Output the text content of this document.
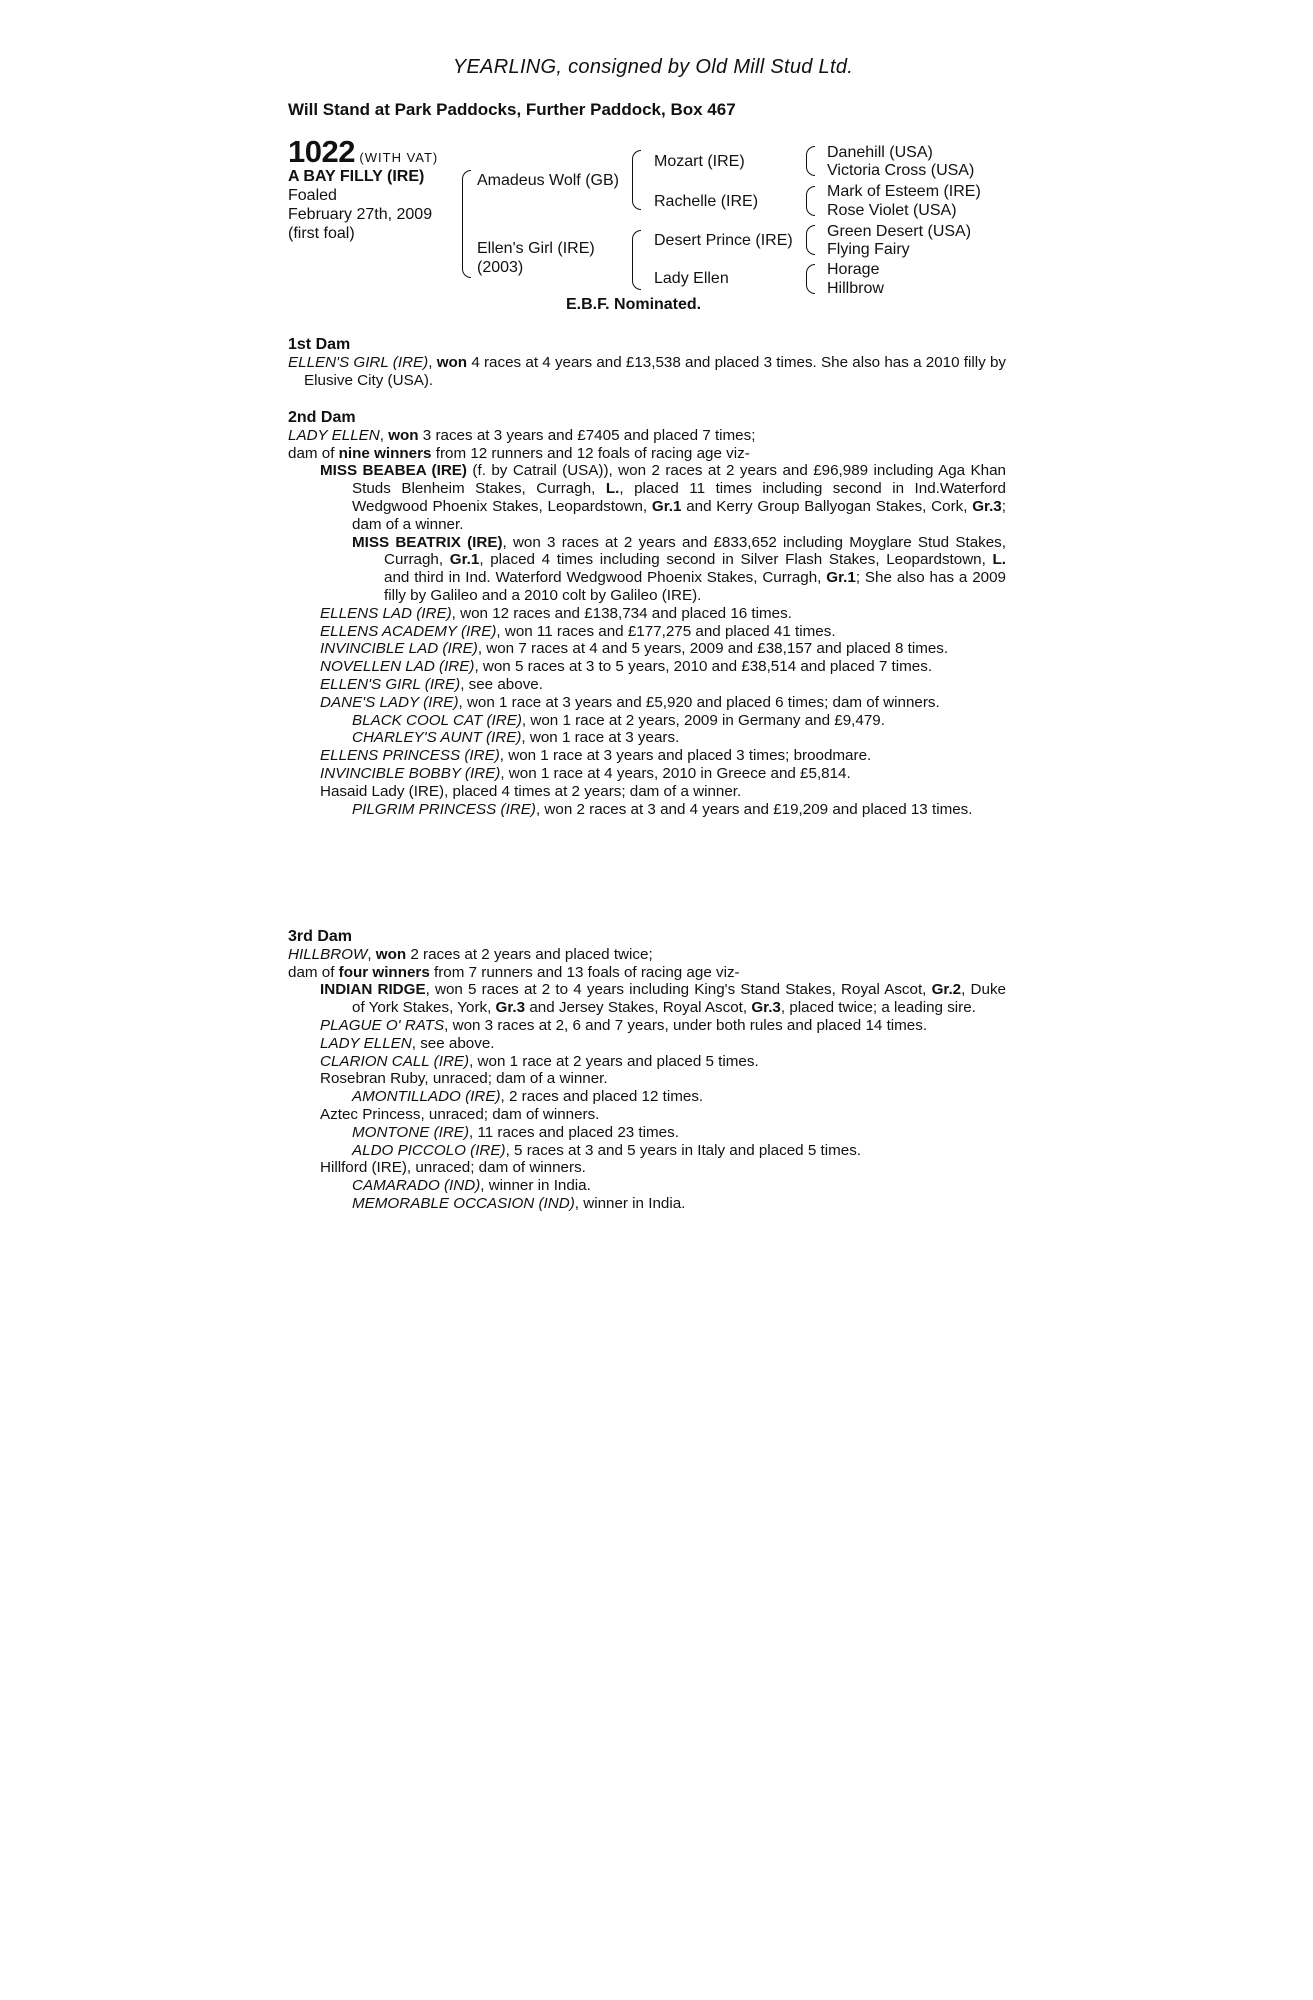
YEARLING, consigned by Old Mill Stud Ltd.
Will Stand at Park Paddocks, Further Paddock, Box 467
1022 (WITH VAT)
A BAY FILLY (IRE)
Foaled
February 27th, 2009
(first foal)
Amadeus Wolf (GB)
Ellen's Girl (IRE)
(2003)
Mozart (IRE)
Rachelle (IRE)
Desert Prince (IRE)
Lady Ellen
Danehill (USA)
Victoria Cross (USA)
Mark of Esteem (IRE)
Rose Violet (USA)
Green Desert (USA)
Flying Fairy
Horage
Hillbrow
E.B.F. Nominated.
1st Dam
ELLEN'S GIRL (IRE), won 4 races at 4 years and £13,538 and placed 3 times. She also has a 2010 filly by Elusive City (USA).
2nd Dam
LADY ELLEN, won 3 races at 3 years and £7405 and placed 7 times;
dam of nine winners from 12 runners and 12 foals of racing age viz-
MISS BEABEA (IRE) (f. by Catrail (USA)), won 2 races at 2 years and £96,989 including Aga Khan Studs Blenheim Stakes, Curragh, L., placed 11 times including second in Ind.Waterford Wedgwood Phoenix Stakes, Leopardstown, Gr.1 and Kerry Group Ballyogan Stakes, Cork, Gr.3; dam of a winner.
MISS BEATRIX (IRE), won 3 races at 2 years and £833,652 including Moyglare Stud Stakes, Curragh, Gr.1, placed 4 times including second in Silver Flash Stakes, Leopardstown, L. and third in Ind. Waterford Wedgwood Phoenix Stakes, Curragh, Gr.1; She also has a 2009 filly by Galileo and a 2010 colt by Galileo (IRE).
ELLENS LAD (IRE), won 12 races and £138,734 and placed 16 times.
ELLENS ACADEMY (IRE), won 11 races and £177,275 and placed 41 times.
INVINCIBLE LAD (IRE), won 7 races at 4 and 5 years, 2009 and £38,157 and placed 8 times.
NOVELLEN LAD (IRE), won 5 races at 3 to 5 years, 2010 and £38,514 and placed 7 times.
ELLEN'S GIRL (IRE), see above.
DANE'S LADY (IRE), won 1 race at 3 years and £5,920 and placed 6 times; dam of winners.
BLACK COOL CAT (IRE), won 1 race at 2 years, 2009 in Germany and £9,479.
CHARLEY'S AUNT (IRE), won 1 race at 3 years.
ELLENS PRINCESS (IRE), won 1 race at 3 years and placed 3 times; broodmare.
INVINCIBLE BOBBY (IRE), won 1 race at 4 years, 2010 in Greece and £5,814.
Hasaid Lady (IRE), placed 4 times at 2 years; dam of a winner.
PILGRIM PRINCESS (IRE), won 2 races at 3 and 4 years and £19,209 and placed 13 times.
3rd Dam
HILLBROW, won 2 races at 2 years and placed twice;
dam of four winners from 7 runners and 13 foals of racing age viz-
INDIAN RIDGE, won 5 races at 2 to 4 years including King's Stand Stakes, Royal Ascot, Gr.2, Duke of York Stakes, York, Gr.3 and Jersey Stakes, Royal Ascot, Gr.3, placed twice; a leading sire.
PLAGUE O' RATS, won 3 races at 2, 6 and 7 years, under both rules and placed 14 times.
LADY ELLEN, see above.
CLARION CALL (IRE), won 1 race at 2 years and placed 5 times.
Rosebran Ruby, unraced; dam of a winner.
AMONTILLADO (IRE), 2 races and placed 12 times.
Aztec Princess, unraced; dam of winners.
MONTONE (IRE), 11 races and placed 23 times.
ALDO PICCOLO (IRE), 5 races at 3 and 5 years in Italy and placed 5 times.
Hillford (IRE), unraced; dam of winners.
CAMARADO (IND), winner in India.
MEMORABLE OCCASION (IND), winner in India.
